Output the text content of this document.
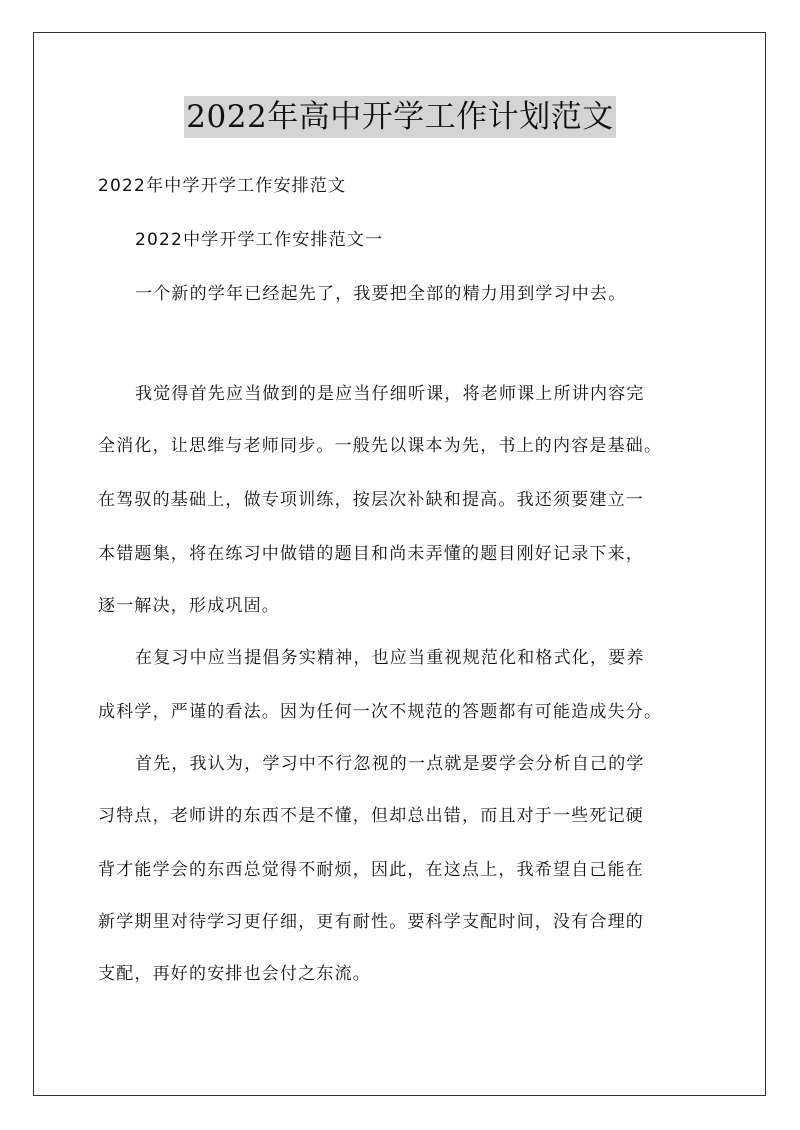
2022年高中开学工作计划范文
2022年中学开学工作安排范文
2022中学开学工作安排范文一
一个新的学年已经起先了，我要把全部的精力用到学习中去。
我觉得首先应当做到的是应当仔细听课，将老师课上所讲内容完
全消化，让思维与老师同步。一般先以课本为先，书上的内容是基础。
在驾驭的基础上，做专项训练，按层次补缺和提高。我还须要建立一
本错题集，将在练习中做错的题目和尚未弄懂的题目刚好记录下来，
逐一解决，形成巩固。
在复习中应当提倡务实精神，也应当重视规范化和格式化，要养
成科学，严谨的看法。因为任何一次不规范的答题都有可能造成失分。
首先，我认为，学习中不行忽视的一点就是要学会分析自己的学
习特点，老师讲的东西不是不懂，但却总出错，而且对于一些死记硬
背才能学会的东西总觉得不耐烦，因此，在这点上，我希望自己能在
新学期里对待学习更仔细，更有耐性。要科学支配时间，没有合理的
支配，再好的安排也会付之东流。
